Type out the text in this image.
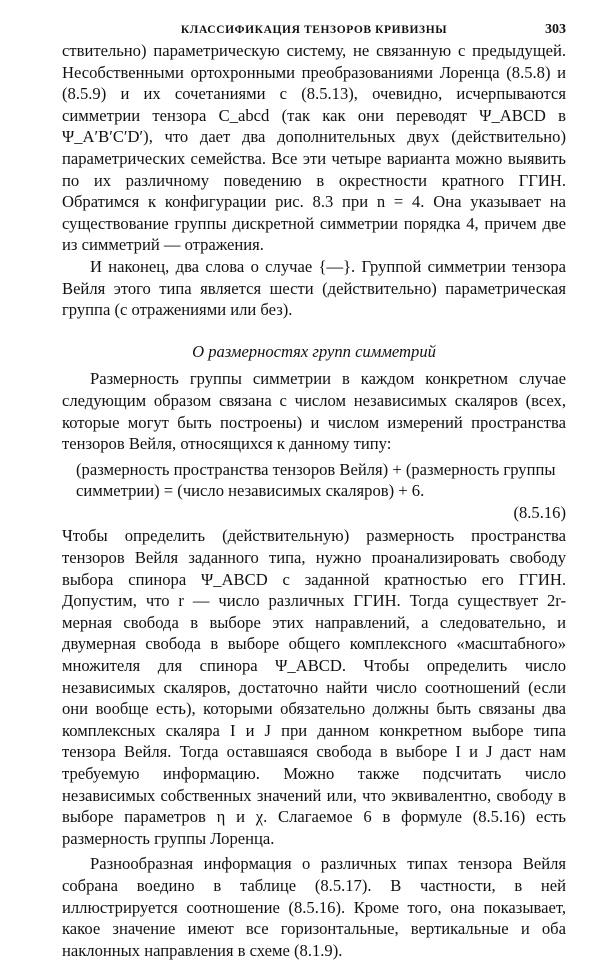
КЛАССИФИКАЦИЯ ТЕНЗОРОВ КРИВИЗНЫ	303

ствительно) параметрическую систему, не связанную с предыдущей. Несобственными ортохронными преобразованиями Лоренца (8.5.8) и (8.5.9) и их сочетаниями с (8.5.13), очевидно, исчерпываются симметрии тензора C_abcd (так как они переводят Ψ_ABCD в Ψ_A′B′C′D′), что дает два дополнительных двух (действительно) параметрических семейства. Все эти четыре варианта можно выявить по их различному поведению в окрестности кратного ГГИН. Обратимся к конфигурации рис. 8.3 при n = 4. Она указывает на существование группы дискретной симметрии порядка 4, причем две из симметрий — отражения.

И наконец, два слова о случае {—}. Группой симметрии тензора Вейля этого типа является шести (действительно) параметрическая группа (с отражениями или без).

О размерностях групп симметрий

Размерность группы симметрии в каждом конкретном случае следующим образом связана с числом независимых скаляров (всех, которые могут быть построены) и числом измерений пространства тензоров Вейля, относящихся к данному типу:

(размерность пространства тензоров Вейля) + (размерность группы симметрии) = (число независимых скаляров) + 6.

(8.5.16)

Чтобы определить (действительную) размерность пространства тензоров Вейля заданного типа, нужно проанализировать свободу выбора спинора Ψ_ABCD с заданной кратностью его ГГИН. Допустим, что r — число различных ГГИН. Тогда существует 2r-мерная свобода в выборе этих направлений, а следовательно, и двумерная свобода в выборе общего комплексного «масштабного» множителя для спинора Ψ_ABCD. Чтобы определить число независимых скаляров, достаточно найти число соотношений (если они вообще есть), которыми обязательно должны быть связаны два комплексных скаляра I и J при данном конкретном выборе типа тензора Вейля. Тогда оставшаяся свобода в выборе I и J даст нам требуемую информацию. Можно также подсчитать число независимых собственных значений или, что эквивалентно, свободу в выборе параметров η и χ. Слагаемое 6 в формуле (8.5.16) есть размерность группы Лоренца.

Разнообразная информация о различных типах тензора Вейля собрана воедино в таблице (8.5.17). В частности, в ней иллюстрируется соотношение (8.5.16). Кроме того, она показывает, какое значение имеют все горизонтальные, вертикальные и оба наклонных направления в схеме (8.1.9).
